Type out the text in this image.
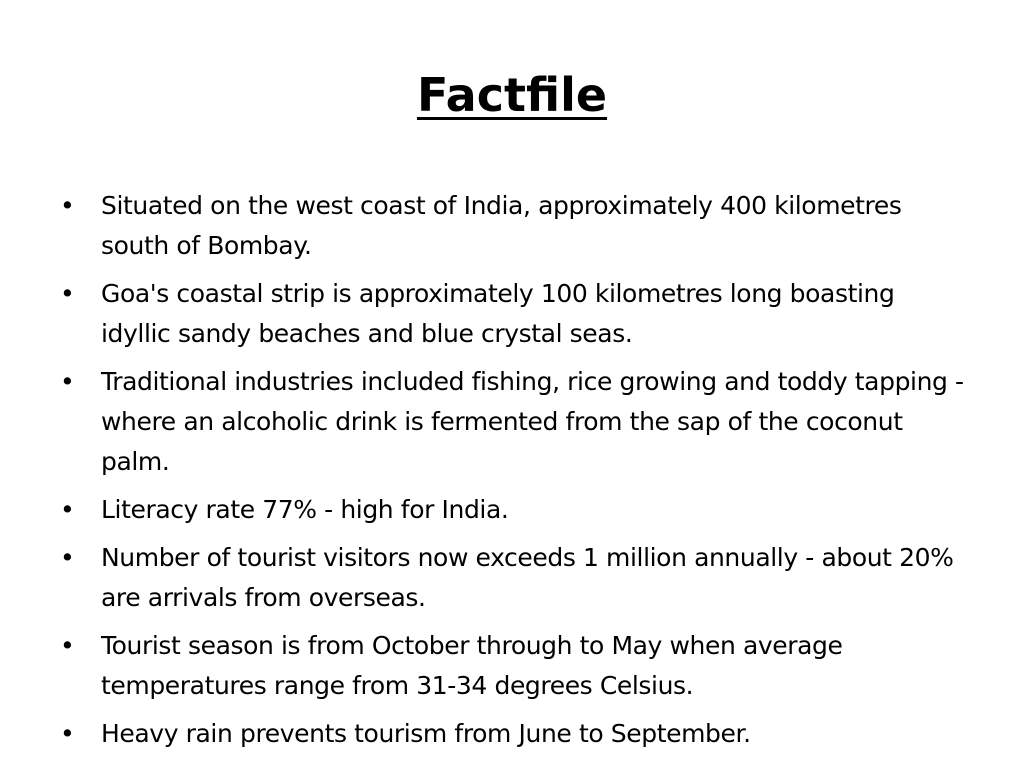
Factfile
• Situated on the west coast of India, approximately 400 kilometres south of Bombay.
• Goa's coastal strip is approximately 100 kilometres long boasting idyllic sandy beaches and blue crystal seas.
• Traditional industries included fishing, rice growing and toddy tapping - where an alcoholic drink is fermented from the sap of the coconut palm.
• Literacy rate 77% - high for India.
• Number of tourist visitors now exceeds 1 million annually - about 20% are arrivals from overseas.
• Tourist season is from October through to May when average temperatures range from 31-34 degrees Celsius.
• Heavy rain prevents tourism from June to September.
